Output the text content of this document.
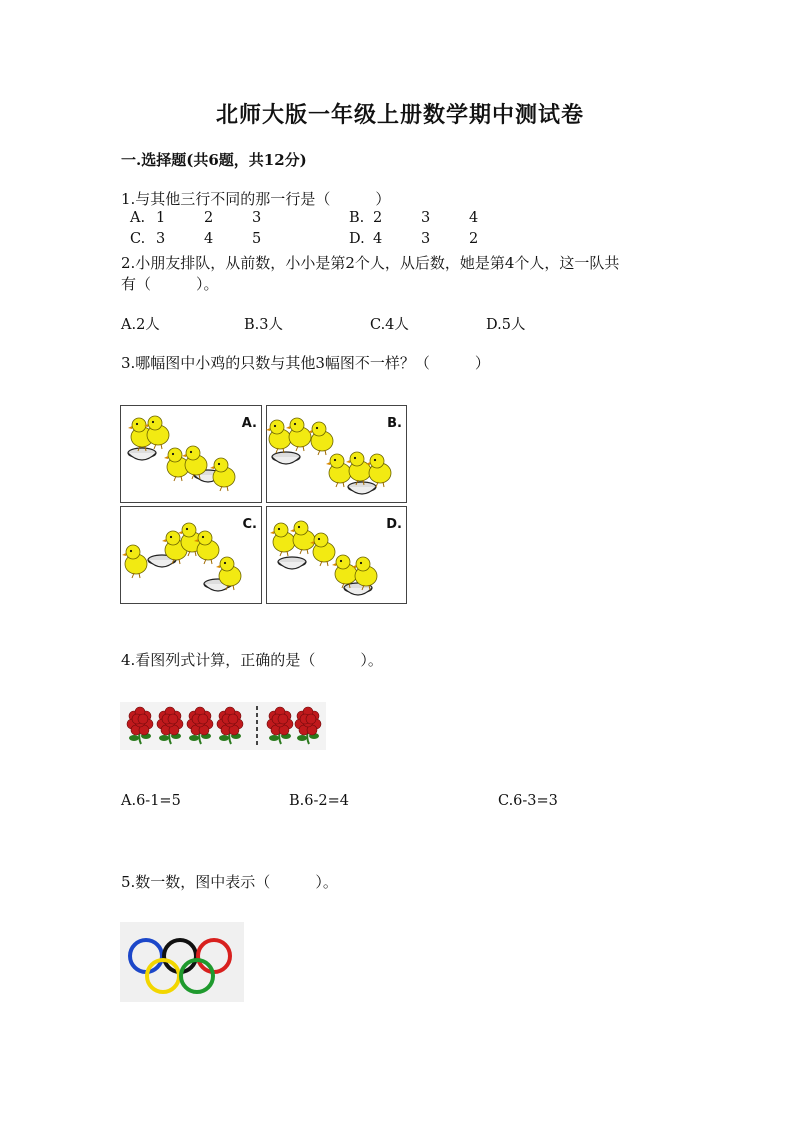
北师大版一年级上册数学期中测试卷
一.选择题(共6题，共12分)
1.与其他三行不同的那一行是（　　　）
A. 1	2	3	B. 2	3	4
C. 3	4	5	D. 4	3	2
2.小朋友排队，从前数，小小是第2个人，从后数，她是第4个人，这一队共
有（　　　）。
A.2人	B.3人	C.4人	D.5人
3.哪幅图中小鸡的只数与其他3幅图不一样？（　　　）
A.	B.
C.	D.
4.看图列式计算，正确的是（　　　）。
A.6-1=5	B.6-2=4	C.6-3=3
5.数一数，图中表示（　　　）。
